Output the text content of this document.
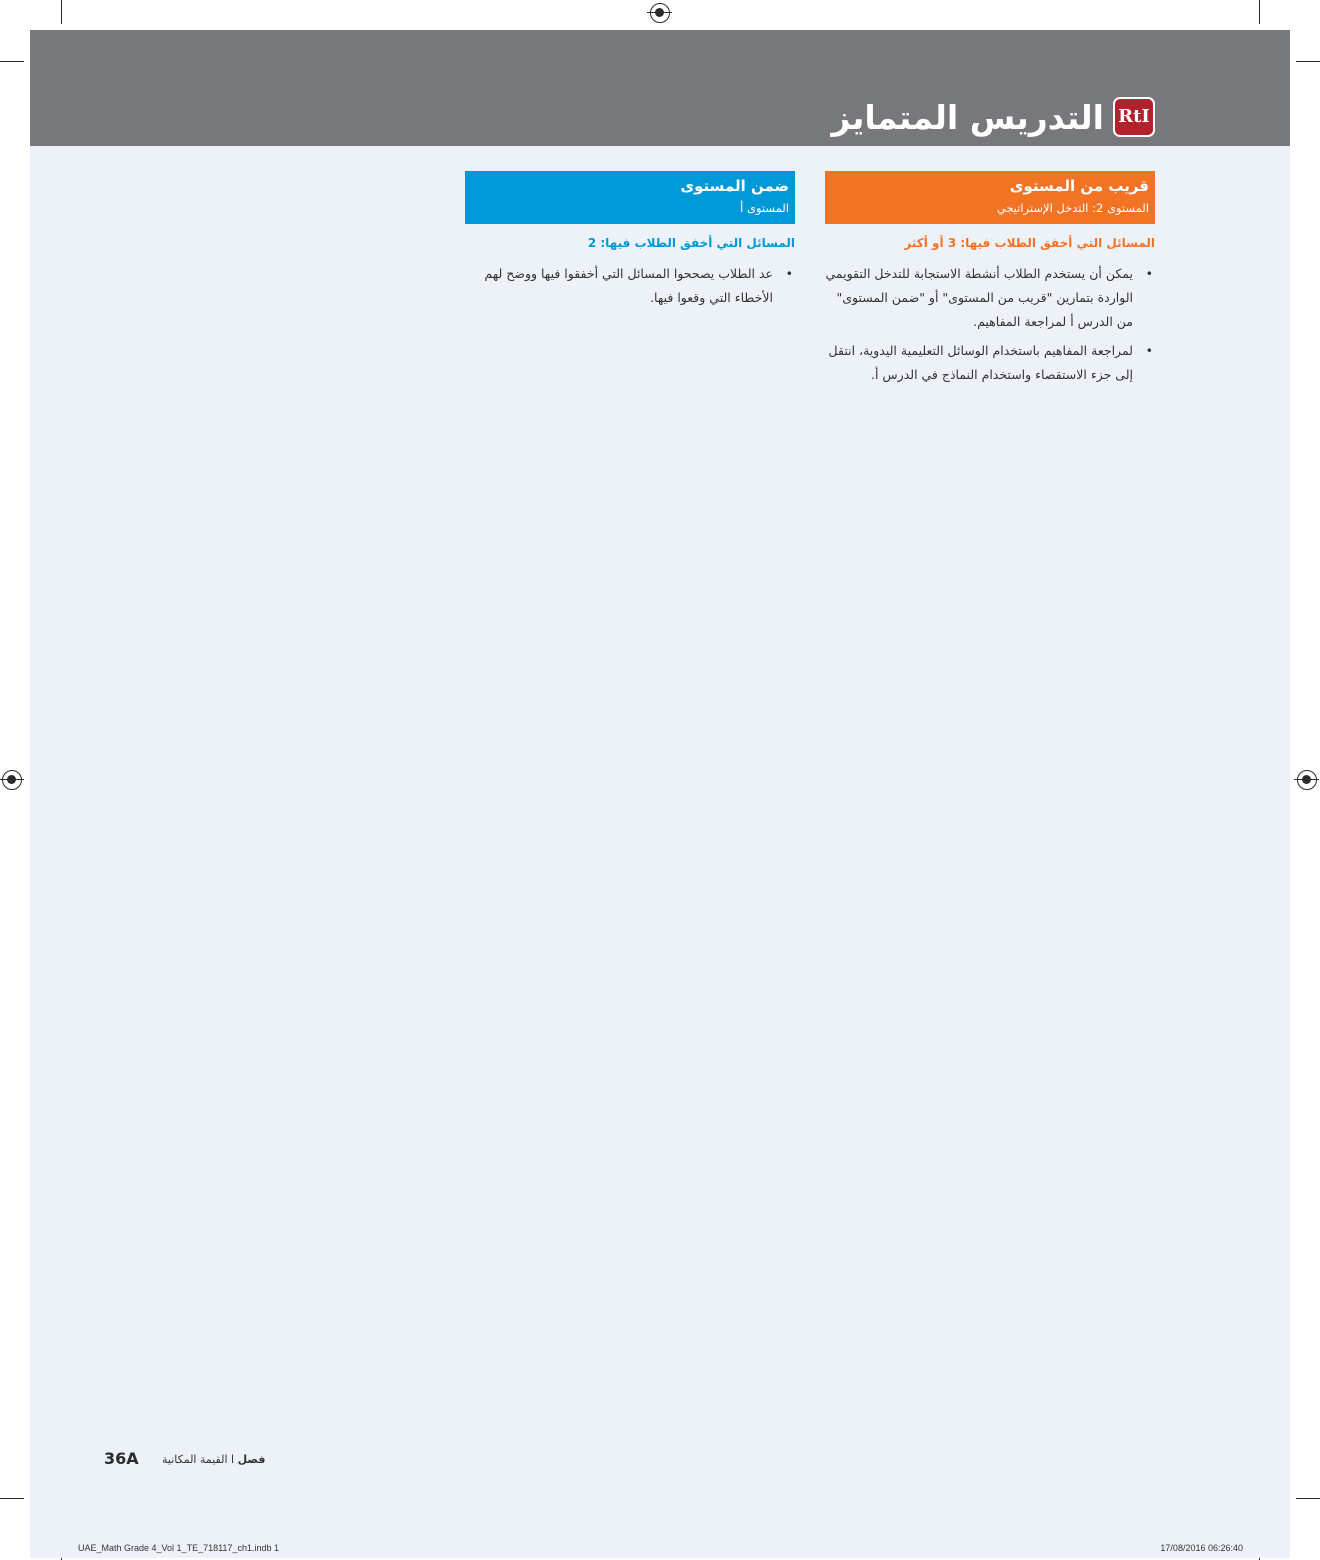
التدريس المتمايز RtI
قريب من المستوى
المستوى 2: التدخل الإستراتيجي
المسائل التي أخفق الطلاب فيها: 3 أو أكثر
•
يمكن أن يستخدم الطلاب أنشطة الاستجابة للتدخل التقويمي الواردة بتمارين "قريب من المستوى" أو "ضمن المستوى" من الدرس أ لمراجعة المفاهيم.
•
لمراجعة المفاهيم باستخدام الوسائل التعليمية اليدوية، انتقل إلى جزء الاستقصاء واستخدام النماذج في الدرس أ.
ضمن المستوى
المستوى أ
المسائل التي أخفق الطلاب فيها: 2
•
عد الطلاب يصححوا المسائل التي أخفقوا فيها ووضح لهم الأخطاء التي وقعوا فيها.
36A	فصل ا القيمة المكانية
UAE_Math Grade 4_Vol 1_TE_718117_ch1.indb 1	17/08/2016 06:26:40
